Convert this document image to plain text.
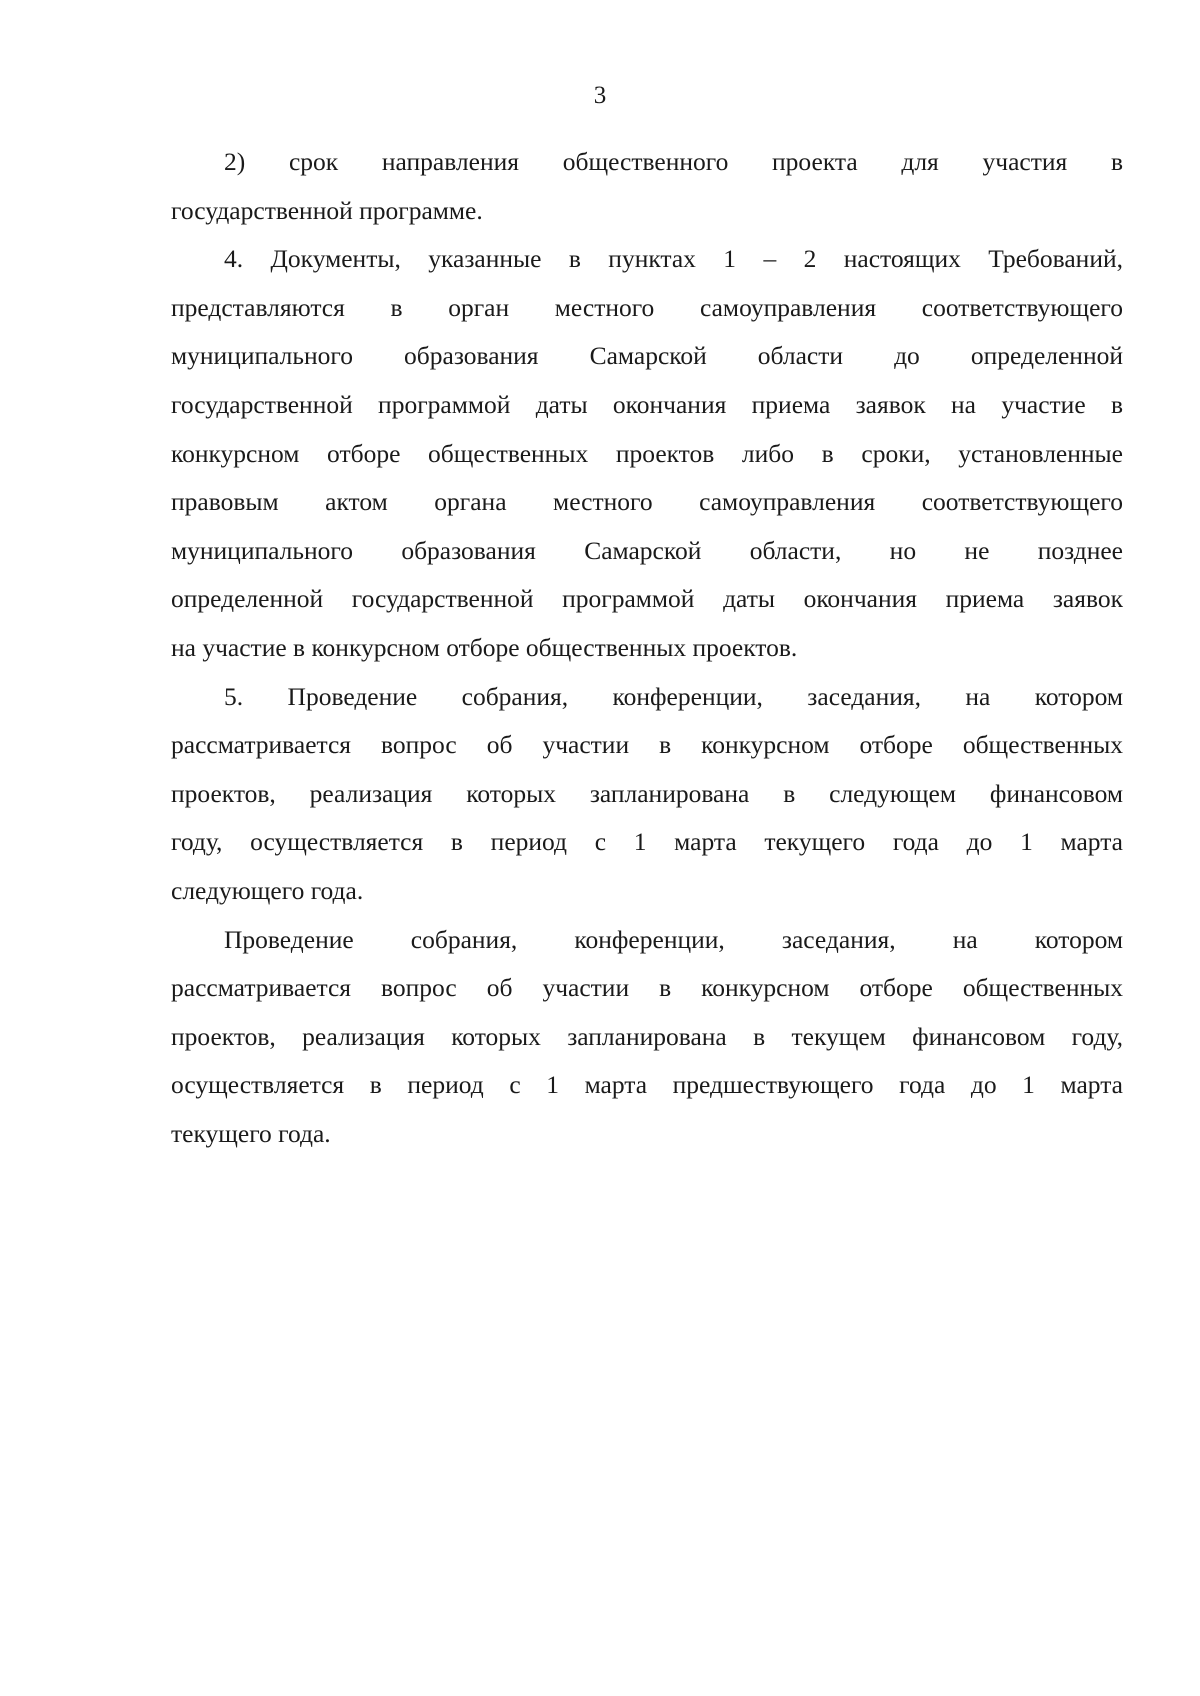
3
2) срок направления общественного проекта для участия в
государственной программе.
4. Документы, указанные в пунктах 1 – 2 настоящих Требований,
представляются в орган местного самоуправления соответствующего
муниципального образования Самарской области до определенной
государственной программой даты окончания приема заявок на участие в
конкурсном отборе общественных проектов либо в сроки, установленные
правовым актом органа местного самоуправления соответствующего
муниципального образования Самарской области, но не позднее
определенной государственной программой даты окончания приема заявок
на участие в конкурсном отборе общественных проектов.
5. Проведение собрания, конференции, заседания, на котором
рассматривается вопрос об участии в конкурсном отборе общественных
проектов, реализация которых запланирована в следующем финансовом
году, осуществляется в период с 1 марта текущего года до 1 марта
следующего года.
Проведение собрания, конференции, заседания, на котором
рассматривается вопрос об участии в конкурсном отборе общественных
проектов, реализация которых запланирована в текущем финансовом году,
осуществляется в период с 1 марта предшествующего года до 1 марта
текущего года.
